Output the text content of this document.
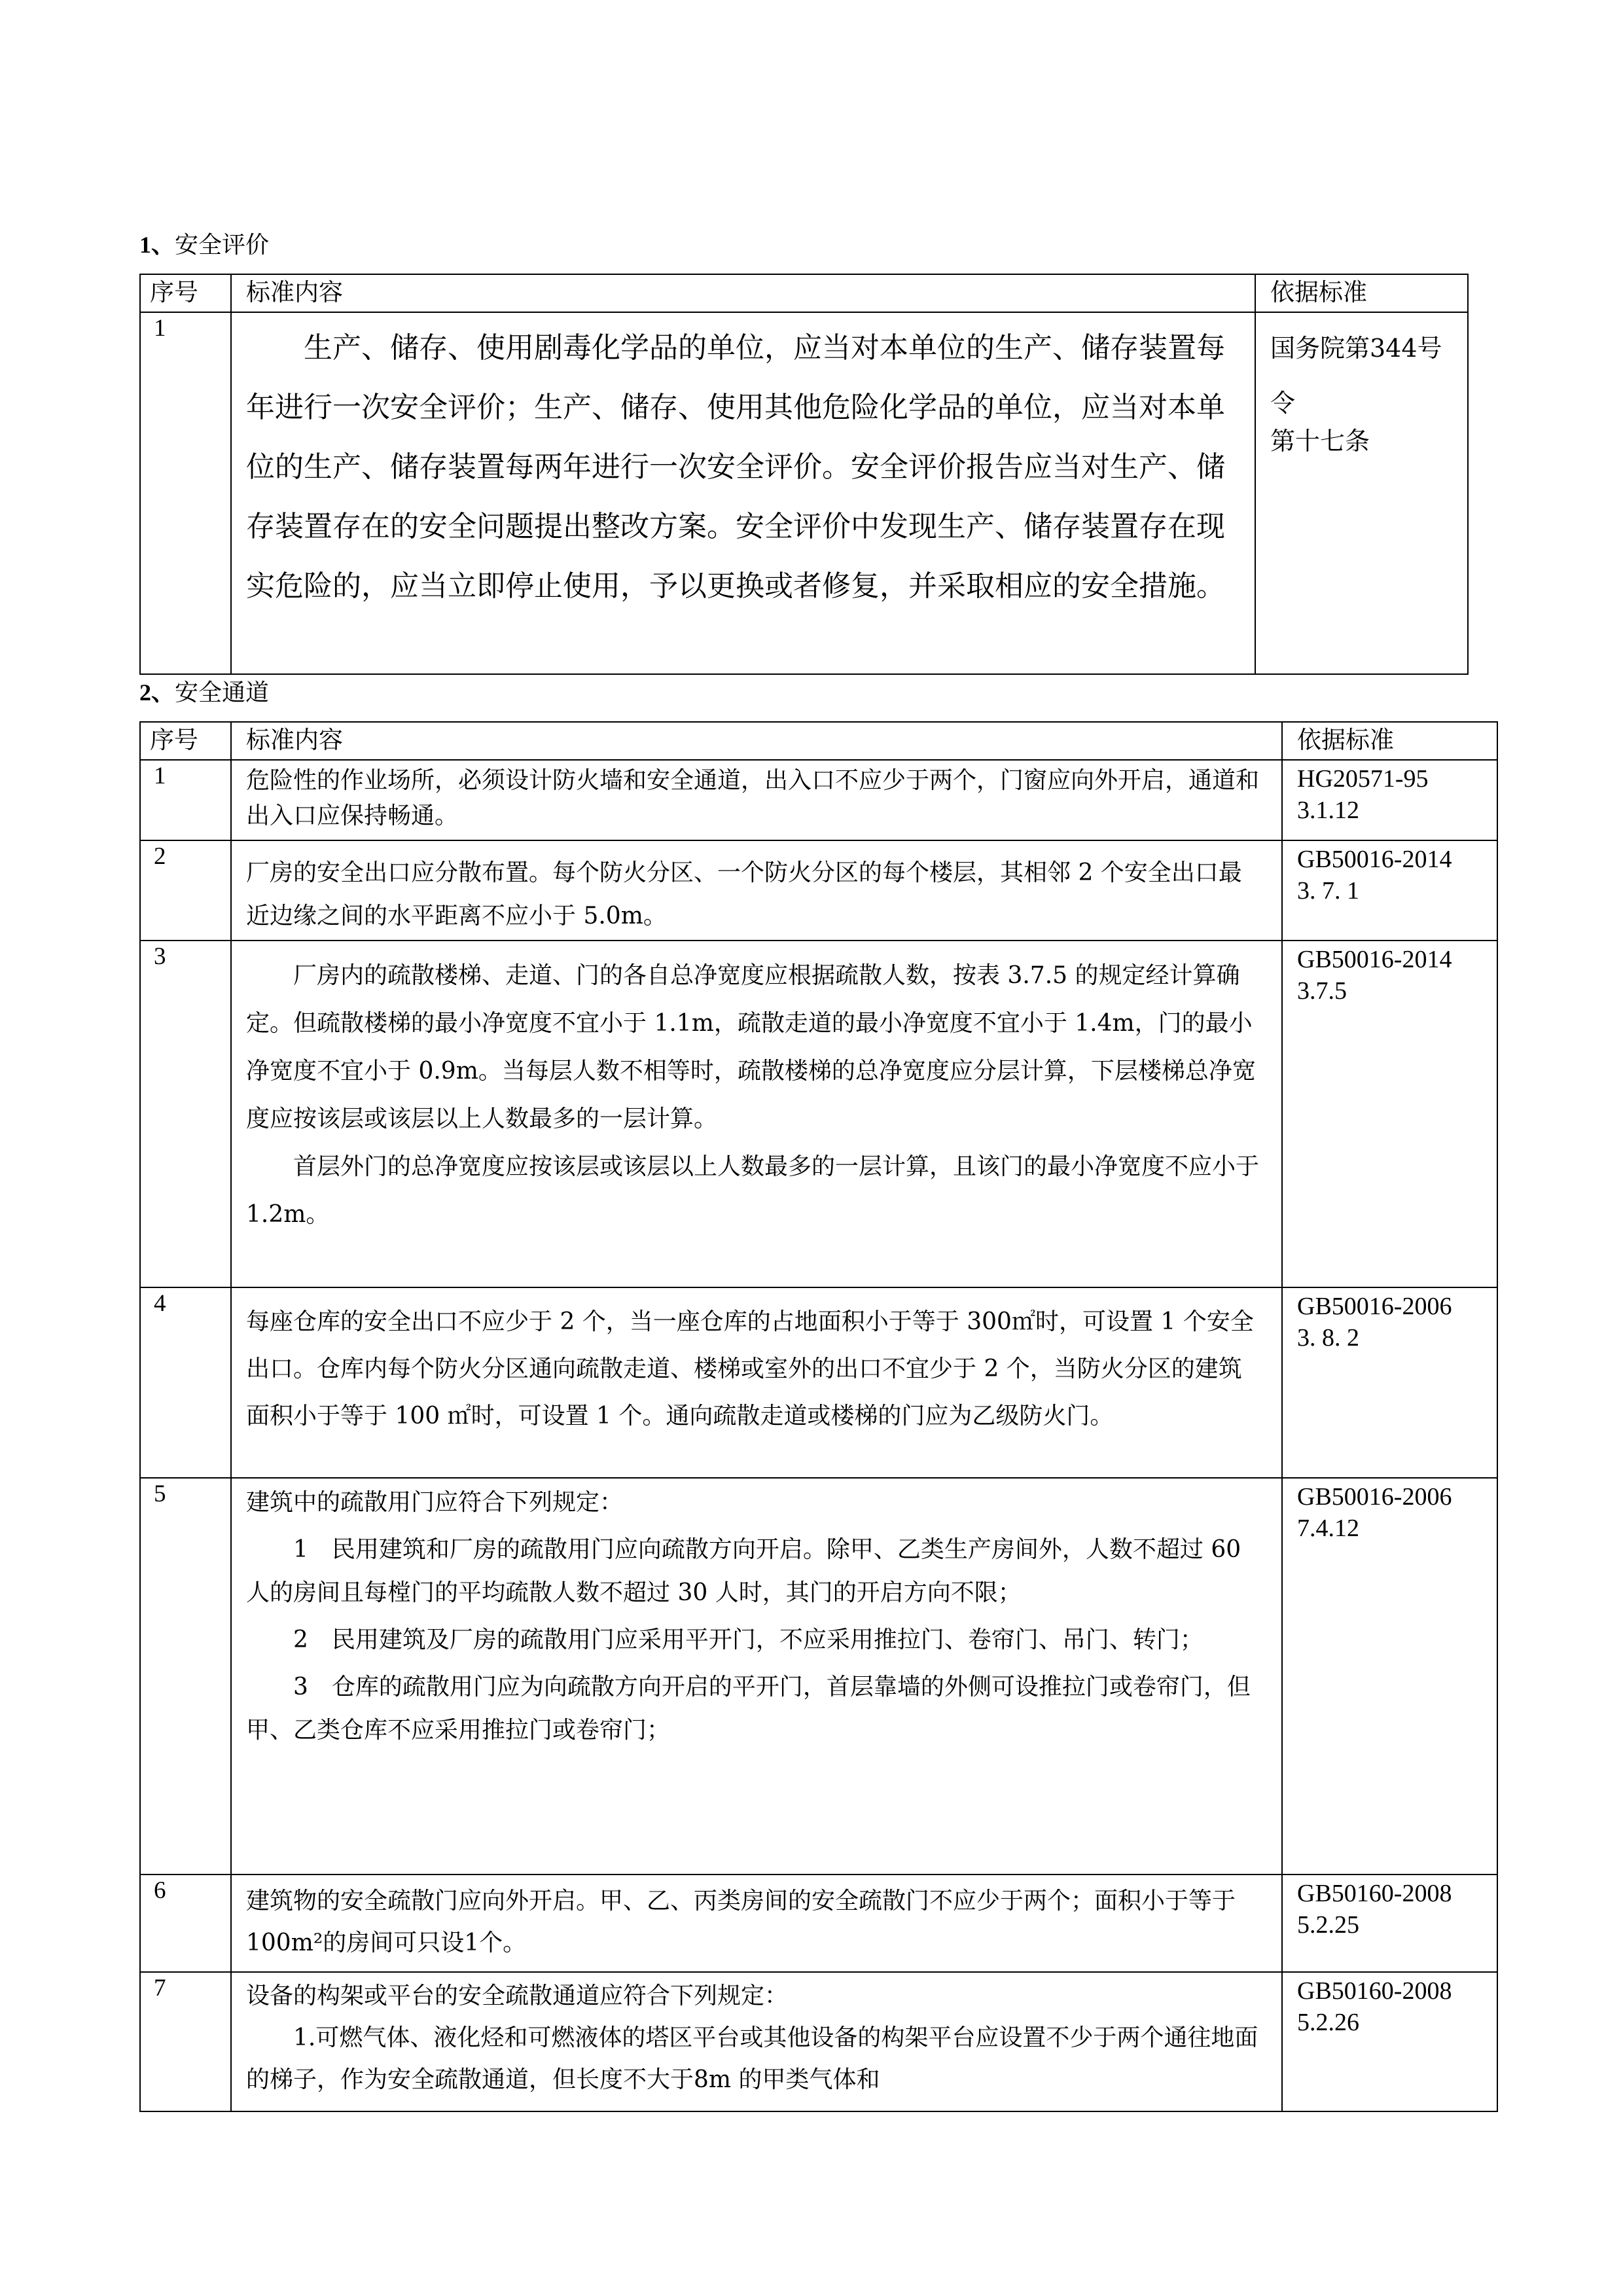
1、安全评价
序号	标准内容	依据标准
1	生产、储存、使用剧毒化学品的单位，应当对本单位的生产、储存装置每年进行一次安全评价；生产、储存、使用其他危险化学品的单位，应当对本单位的生产、储存装置每两年进行一次安全评价。安全评价报告应当对生产、储存装置存在的安全问题提出整改方案。安全评价中发现生产、储存装置存在现实危险的，应当立即停止使用，予以更换或者修复，并采取相应的安全措施。	国务院第344号
令
第十七条
2、安全通道
序号	标准内容	依据标准
1	危险性的作业场所，必须设计防火墙和安全通道，出入口不应少于两个，门窗应向外开启，通道和出入口应保持畅通。	HG20571-95
3.1.12

2	厂房的安全出口应分散布置。每个防火分区、一个防火分区的每个楼层，其相邻 2 个安全出口最近边缘之间的水平距离不应小于 5.0m。	GB50016-2014
3. 7. 1

3	厂房内的疏散楼梯、走道、门的各自总净宽度应根据疏散人数，按表 3.7.5 的规定经计算确定。但疏散楼梯的最小净宽度不宜小于 1.1m，疏散走道的最小净宽度不宜小于 1.4m，门的最小净宽度不宜小于 0.9m。当每层人数不相等时，疏散楼梯的总净宽度应分层计算，下层楼梯总净宽度应按该层或该层以上人数最多的一层计算。
首层外门的总净宽度应按该层或该层以上人数最多的一层计算，且该门的最小净宽度不应小于 1.2m。	GB50016-2014
3.7.5

4	每座仓库的安全出口不应少于 2 个，当一座仓库的占地面积小于等于 300㎡时，可设置 1 个安全出口。仓库内每个防火分区通向疏散走道、楼梯或室外的出口不宜少于 2 个，当防火分区的建筑面积小于等于 100 ㎡时，可设置 1 个。通向疏散走道或楼梯的门应为乙级防火门。	GB50016-2006
3. 8. 2

5	建筑中的疏散用门应符合下列规定：
1　民用建筑和厂房的疏散用门应向疏散方向开启。除甲、乙类生产房间外，人数不超过 60 人的房间且每樘门的平均疏散人数不超过 30 人时，其门的开启方向不限；
2　民用建筑及厂房的疏散用门应采用平开门，不应采用推拉门、卷帘门、吊门、转门；
3　仓库的疏散用门应为向疏散方向开启的平开门，首层靠墙的外侧可设推拉门或卷帘门，但甲、乙类仓库不应采用推拉门或卷帘门；	GB50016-2006
7.4.12

6	建筑物的安全疏散门应向外开启。甲、乙、丙类房间的安全疏散门不应少于两个；面积小于等于100m²的房间可只设1个。	GB50160-2008
5.2.25

7	设备的构架或平台的安全疏散通道应符合下列规定：
1.可燃气体、液化烃和可燃液体的塔区平台或其他设备的构架平台应设置不少于两个通往地面的梯子，作为安全疏散通道，但长度不大于8m 的甲类气体和	GB50160-2008
5.2.26
